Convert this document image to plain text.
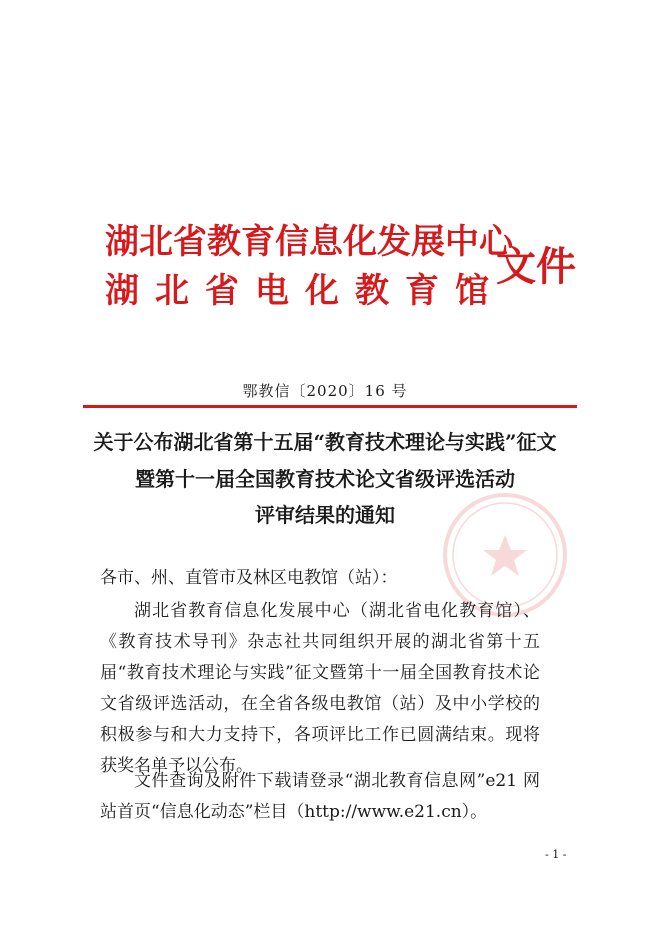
湖北省教育信息化发展中心
湖北省电化教育馆
文件
鄂教信〔2020〕16 号
关于公布湖北省第十五届“教育技术理论与实践”征文
暨第十一届全国教育技术论文省级评选活动
评审结果的通知
各市、州、直管市及林区电教馆（站）：
湖北省教育信息化发展中心（湖北省电化教育馆）、《教育技术导刊》杂志社共同组织开展的湖北省第十五届“教育技术理论与实践”征文暨第十一届全国教育技术论文省级评选活动，在全省各级电教馆（站）及中小学校的积极参与和大力支持下，各项评比工作已圆满结束。现将获奖名单予以公布。
文件查询及附件下载请登录“湖北教育信息网”e21 网站首页“信息化动态”栏目（http://www.e21.cn）。
- 1 -
